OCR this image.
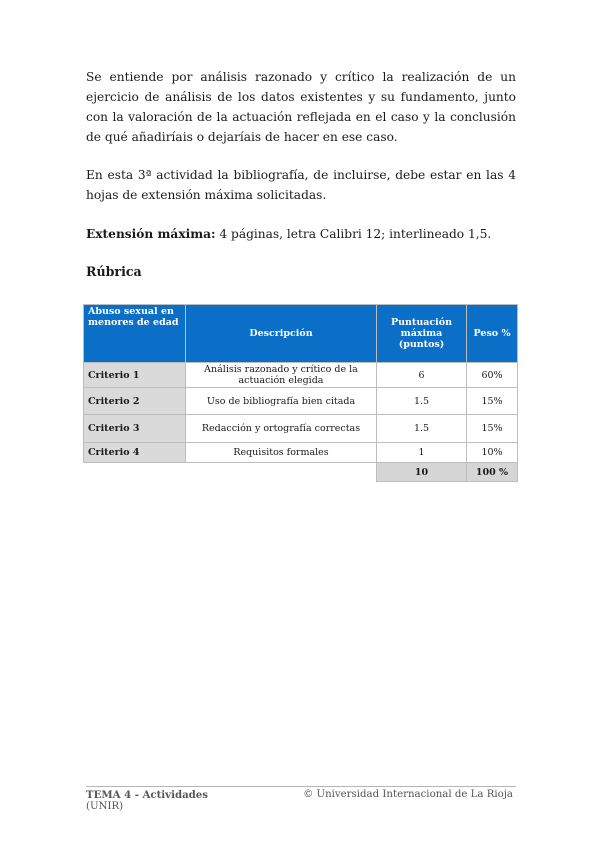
Se entiende por análisis razonado y crítico la realización de un ejercicio de análisis de los datos existentes y su fundamento, junto con la valoración de la actuación reflejada en el caso y la conclusión de qué añadiríais o dejaríais de hacer en ese caso.

En esta 3ª actividad la bibliografía, de incluirse, debe estar en las 4 hojas de extensión máxima solicitadas.

Extensión máxima: 4 páginas, letra Calibri 12; interlineado 1,5.

Rúbrica

Abuso sexual en menores de edad	Descripción	Puntuación máxima (puntos)	Peso %
Criterio 1	Análisis razonado y crítico de la actuación elegida	6	60%
Criterio 2	Uso de bibliografía bien citada	1.5	15%
Criterio 3	Redacción y ortografía correctas	1.5	15%
Criterio 4	Requisitos formales	1	10%
		10	100 %
TEMA 4 - Actividades
(UNIR)
© Universidad Internacional de La Rioja
